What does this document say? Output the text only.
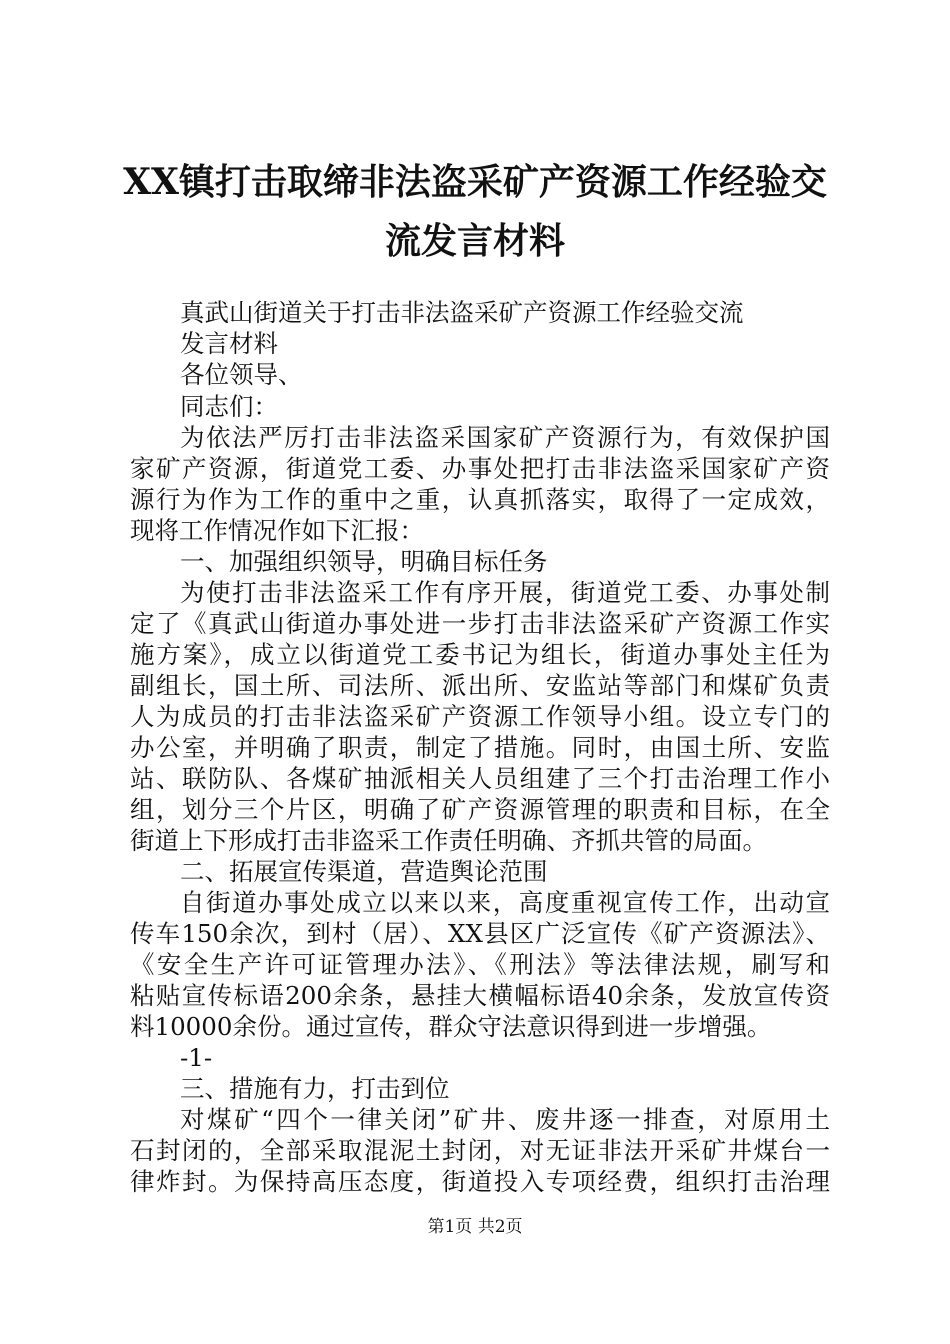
XX镇打击取缔非法盗采矿产资源工作经验交
流发言材料
真武山街道关于打击非法盗采矿产资源工作经验交流
发言材料
各位领导、
同志们：
为依法严厉打击非法盗采国家矿产资源行为，有效保护国
家矿产资源，街道党工委、办事处把打击非法盗采国家矿产资
源行为作为工作的重中之重，认真抓落实，取得了一定成效，
现将工作情况作如下汇报：
一、加强组织领导，明确目标任务
为使打击非法盗采工作有序开展，街道党工委、办事处制
定了《真武山街道办事处进一步打击非法盗采矿产资源工作实
施方案》，成立以街道党工委书记为组长，街道办事处主任为
副组长，国土所、司法所、派出所、安监站等部门和煤矿负责
人为成员的打击非法盗采矿产资源工作领导小组。设立专门的
办公室，并明确了职责，制定了措施。同时，由国土所、安监
站、联防队、各煤矿抽派相关人员组建了三个打击治理工作小
组，划分三个片区，明确了矿产资源管理的职责和目标，在全
街道上下形成打击非盗采工作责任明确、齐抓共管的局面。
二、拓展宣传渠道，营造舆论范围
自街道办事处成立以来以来，高度重视宣传工作，出动宣
传车150余次，到村（居）、XX县区广泛宣传《矿产资源法》、
《安全生产许可证管理办法》、《刑法》等法律法规，刷写和
粘贴宣传标语200余条，悬挂大横幅标语40余条，发放宣传资
料10000余份。通过宣传，群众守法意识得到进一步增强。
-1-
三、措施有力，打击到位
对煤矿“四个一律关闭”矿井、废井逐一排查，对原用土
石封闭的，全部采取混泥土封闭，对无证非法开采矿井煤台一
律炸封。为保持高压态度，街道投入专项经费，组织打击治理
第1页 共2页
